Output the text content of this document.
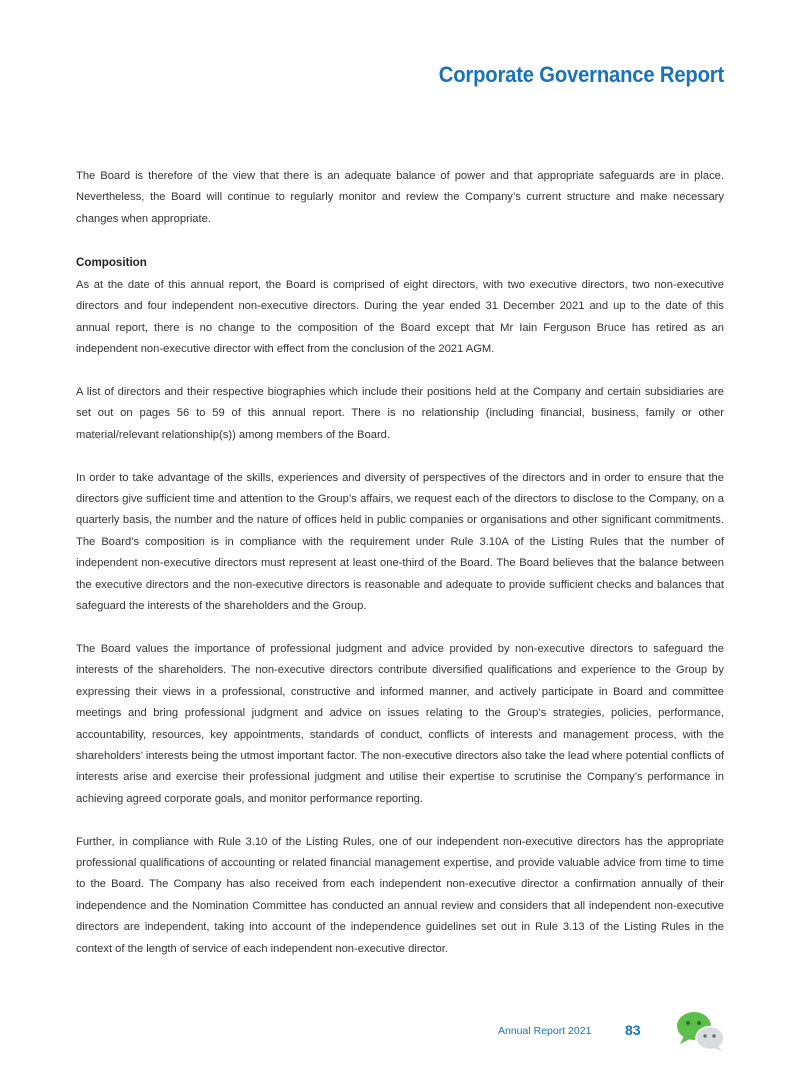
Corporate Governance Report

The Board is therefore of the view that there is an adequate balance of power and that appropriate safeguards are in place. Nevertheless, the Board will continue to regularly monitor and review the Company’s current structure and make necessary changes when appropriate.

Composition

As at the date of this annual report, the Board is comprised of eight directors, with two executive directors, two non-executive directors and four independent non-executive directors. During the year ended 31 December 2021 and up to the date of this annual report, there is no change to the composition of the Board except that Mr Iain Ferguson Bruce has retired as an independent non-executive director with effect from the conclusion of the 2021 AGM.

A list of directors and their respective biographies which include their positions held at the Company and certain subsidiaries are set out on pages 56 to 59 of this annual report. There is no relationship (including financial, business, family or other material/relevant relationship(s)) among members of the Board.

In order to take advantage of the skills, experiences and diversity of perspectives of the directors and in order to ensure that the directors give sufficient time and attention to the Group’s affairs, we request each of the directors to disclose to the Company, on a quarterly basis, the number and the nature of offices held in public companies or organisations and other significant commitments. The Board’s composition is in compliance with the requirement under Rule 3.10A of the Listing Rules that the number of independent non-executive directors must represent at least one-third of the Board. The Board believes that the balance between the executive directors and the non-executive directors is reasonable and adequate to provide sufficient checks and balances that safeguard the interests of the shareholders and the Group.

The Board values the importance of professional judgment and advice provided by non-executive directors to safeguard the interests of the shareholders. The non-executive directors contribute diversified qualifications and experience to the Group by expressing their views in a professional, constructive and informed manner, and actively participate in Board and committee meetings and bring professional judgment and advice on issues relating to the Group’s strategies, policies, performance, accountability, resources, key appointments, standards of conduct, conflicts of interests and management process, with the shareholders’ interests being the utmost important factor. The non-executive directors also take the lead where potential conflicts of interests arise and exercise their professional judgment and utilise their expertise to scrutinise the Company’s performance in achieving agreed corporate goals, and monitor performance reporting.

Further, in compliance with Rule 3.10 of the Listing Rules, one of our independent non-executive directors has the appropriate professional qualifications of accounting or related financial management expertise, and provide valuable advice from time to time to the Board. The Company has also received from each independent non-executive director a confirmation annually of their independence and the Nomination Committee has conducted an annual review and considers that all independent non-executive directors are independent, taking into account of the independence guidelines set out in Rule 3.13 of the Listing Rules in the context of the length of service of each independent non-executive director.

Annual Report 2021 83
